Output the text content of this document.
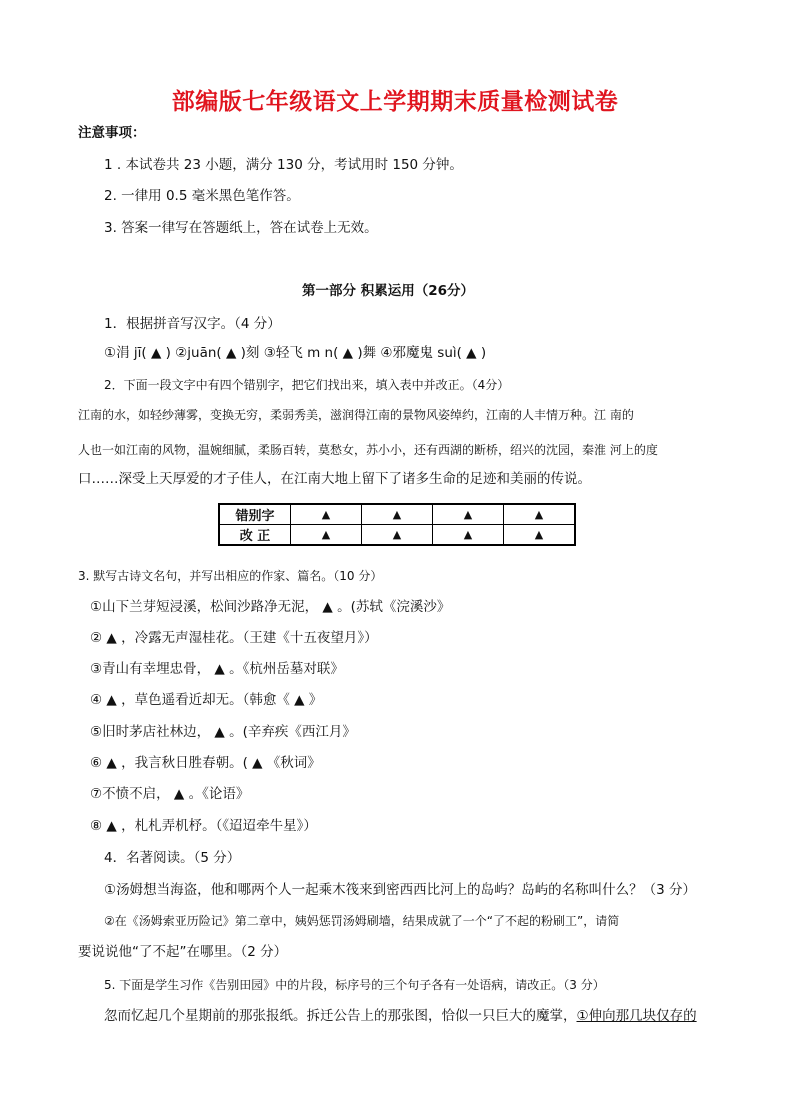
部编版七年级语文上学期期末质量检测试卷
注意事项：
1 . 本试卷共 23 小题，满分 130 分，考试用时 150 分钟。
2. 一律用 0.5 毫米黑色笔作答。
3. 答案一律写在答题纸上，答在试卷上无效。
第一部分 积累运用（26分）
1．根据拼音写汉字。（4 分）
①涓 jī( ▲ ) ②juān( ▲ )刻 ③轻飞 m n( ▲ )舞 ④邪魔鬼 suì( ▲ )
2．下面一段文字中有四个错别字，把它们找出来，填入表中并改正。（4分）
江南的水，如轻纱薄雾，变换无穷，柔弱秀美，滋润得江南的景物风姿绰约，江南的人丰情万种。江 南的
人也一如江南的风物，温婉细腻，柔肠百转，莫愁女，苏小小，还有西湖的断桥，绍兴的沈园，秦淮 河上的度
口……深受上天厚爱的才子佳人，在江南大地上留下了诸多生命的足迹和美丽的传说。
错别字	▲	▲	▲	▲
改 正	▲	▲	▲	▲
3. 默写古诗文名句，并写出相应的作家、篇名。（10 分）
①山下兰芽短浸溪，松间沙路净无泥， ▲ 。(苏轼《浣溪沙》
② ▲ ，冷露无声湿桂花。（王建《十五夜望月》）
③青山有幸埋忠骨， ▲ 。《杭州岳墓对联》
④ ▲ ，草色遥看近却无。（韩愈《 ▲ 》
⑤旧时茅店社林边， ▲ 。(辛弃疾《西江月》
⑥ ▲ ，我言秋日胜春朝。( ▲ 《秋词》
⑦不愤不启， ▲ 。《论语》
⑧ ▲ ，札札弄机杼。（《迢迢牵牛星》）
4．名著阅读。（5 分）
①汤姆想当海盗，他和哪两个人一起乘木筏来到密西西比河上的岛屿？岛屿的名称叫什么？（3 分）
②在《汤姆索亚历险记》第二章中，姨妈惩罚汤姆刷墙，结果成就了一个“了不起的粉刷工”，请简
要说说他“了不起”在哪里。（2 分）
5. 下面是学生习作《告别田园》中的片段，标序号的三个句子各有一处语病，请改正。（3 分）
忽而忆起几个星期前的那张报纸。拆迁公告上的那张图，恰似一只巨大的魔掌，①伸向那几块仅存的
